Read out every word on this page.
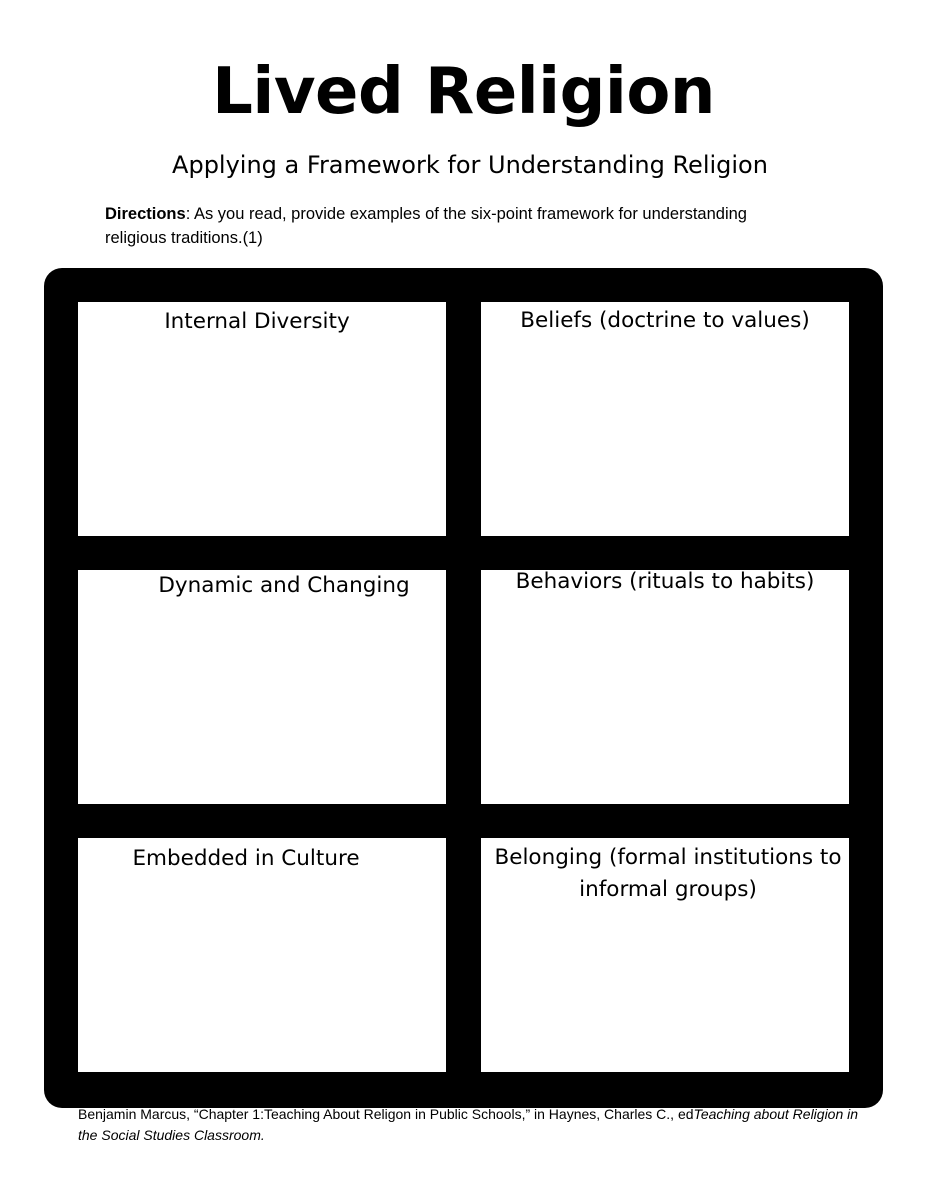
Lived Religion
Applying a Framework for Understanding Religion
Directions: As you read, provide examples of the six-point framework for understanding religious traditions.(1)
Internal Diversity	Beliefs (doctrine to values)
Dynamic and Changing	Behaviors (rituals to habits)
Embedded in Culture	Belonging (formal institutions to informal groups)
Benjamin Marcus, “Chapter 1:Teaching About Religon in Public Schools,” in Haynes, Charles C., edTeaching about Religion in the Social Studies Classroom.
